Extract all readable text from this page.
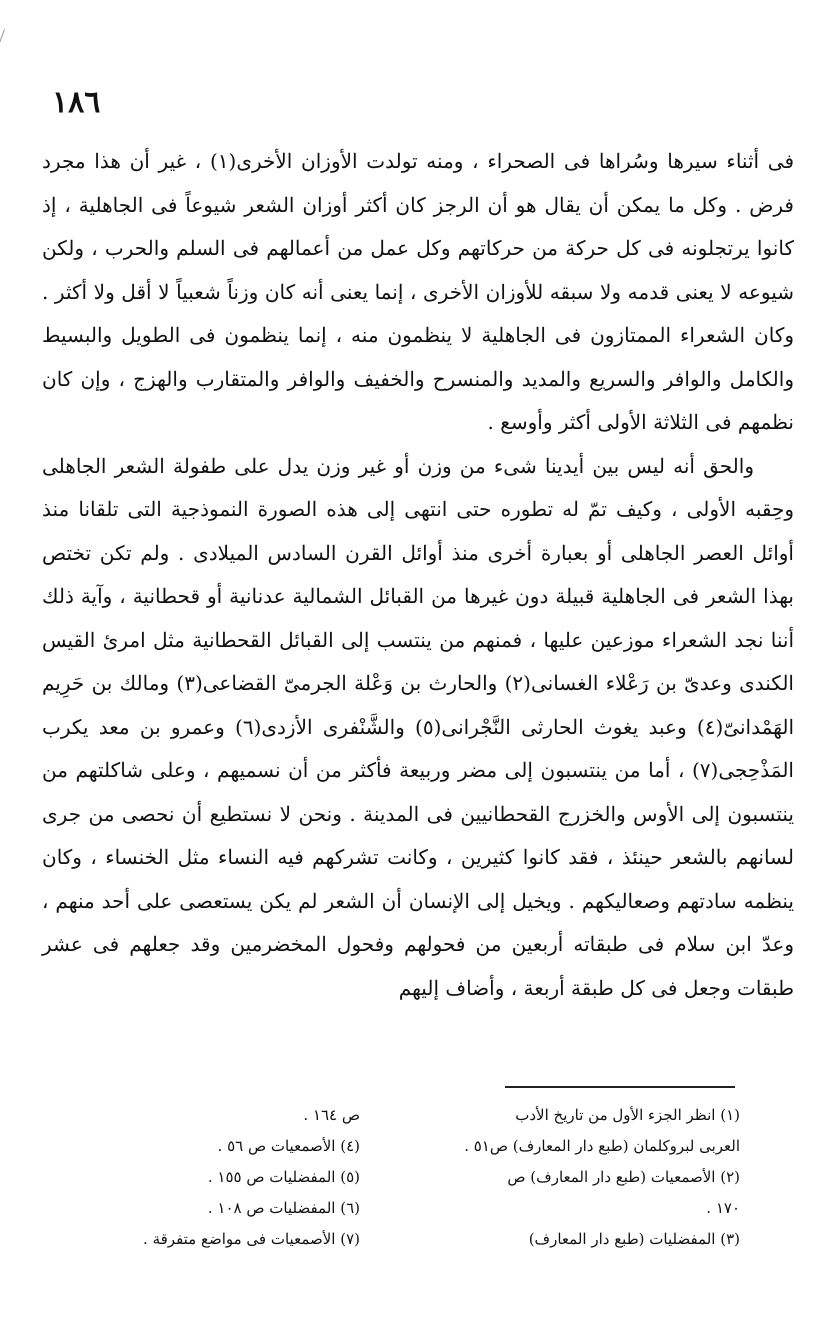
١٨٦

فى أثناء سيرها وسُراها فى الصحراء ، ومنه تولدت الأوزان الأخرى(١) ، غير أن هذا مجرد فرض . وكل ما يمكن أن يقال هو أن الرجز كان أكثر أوزان الشعر شيوعاً فى الجاهلية ، إذ كانوا يرتجلونه فى كل حركة من حركاتهم وكل عمل من أعمالهم فى السلم والحرب ، ولكن شيوعه لا يعنى قدمه ولا سبقه للأوزان الأخرى ، إنما يعنى أنه كان وزناً شعبياً لا أقل ولا أكثر . وكان الشعراء الممتازون فى الجاهلية لا ينظمون منه ، إنما ينظمون فى الطويل والبسيط والكامل والوافر والسريع والمديد والمنسرح والخفيف والوافر والمتقارب والهزج ، وإن كان نظمهم فى الثلاثة الأولى أكثر وأوسع .

والحق أنه ليس بين أيدينا شىء من وزن أو غير وزن يدل على طفولة الشعر الجاهلى وحِقبه الأولى ، وكيف تمّ له تطوره حتى انتهى إلى هذه الصورة النموذجية التى تلقانا منذ أوائل العصر الجاهلى أو بعبارة أخرى منذ أوائل القرن السادس الميلادى . ولم تكن تختص بهذا الشعر فى الجاهلية قبيلة دون غيرها من القبائل الشمالية عدنانية أو قحطانية ، وآية ذلك أننا نجد الشعراء موزعين عليها ، فمنهم من ينتسب إلى القبائل القحطانية مثل امرئ القيس الكندى وعدىّ بن رَعْلاء الغسانى(٢) والحارث بن وَعْلة الجرمىّ القضاعى(٣) ومالك بن حَرِيم الهَمْدانىّ(٤) وعبد يغوث الحارثى النَّجْرانى(٥) والشَّنْفرى الأزدى(٦) وعمرو بن معد يكرب المَذْحِجى(٧) ، أما من ينتسبون إلى مضر وربيعة فأكثر من أن نسميهم ، وعلى شاكلتهم من ينتسبون إلى الأوس والخزرج القحطانيين فى المدينة . ونحن لا نستطيع أن نحصى من جرى لسانهم بالشعر حينئذ ، فقد كانوا كثيرين ، وكانت تشركهم فيه النساء مثل الخنساء ، وكان ينظمه سادتهم وصعاليكهم . ويخيل إلى الإنسان أن الشعر لم يكن يستعصى على أحد منهم ، وعدّ ابن سلام فى طبقاته أربعين من فحولهم وفحول المخضرمين وقد جعلهم فى عشر طبقات وجعل فى كل طبقة أربعة ، وأضاف إليهم

(١) انظر الجزء الأول من تاريخ الأدب
العربى لبروكلمان (طبع دار المعارف) ص٥١ .
(٢) الأصمعيات (طبع دار المعارف) ص
١٧٠ .
(٣) المفضليات (طبع دار المعارف)
ص ١٦٤ .
(٤) الأصمعيات ص ٥٦ .
(٥) المفضليات ص ١٥٥ .
(٦) المفضليات ص ١٠٨ .
(٧) الأصمعيات فى مواضع متفرقة .
